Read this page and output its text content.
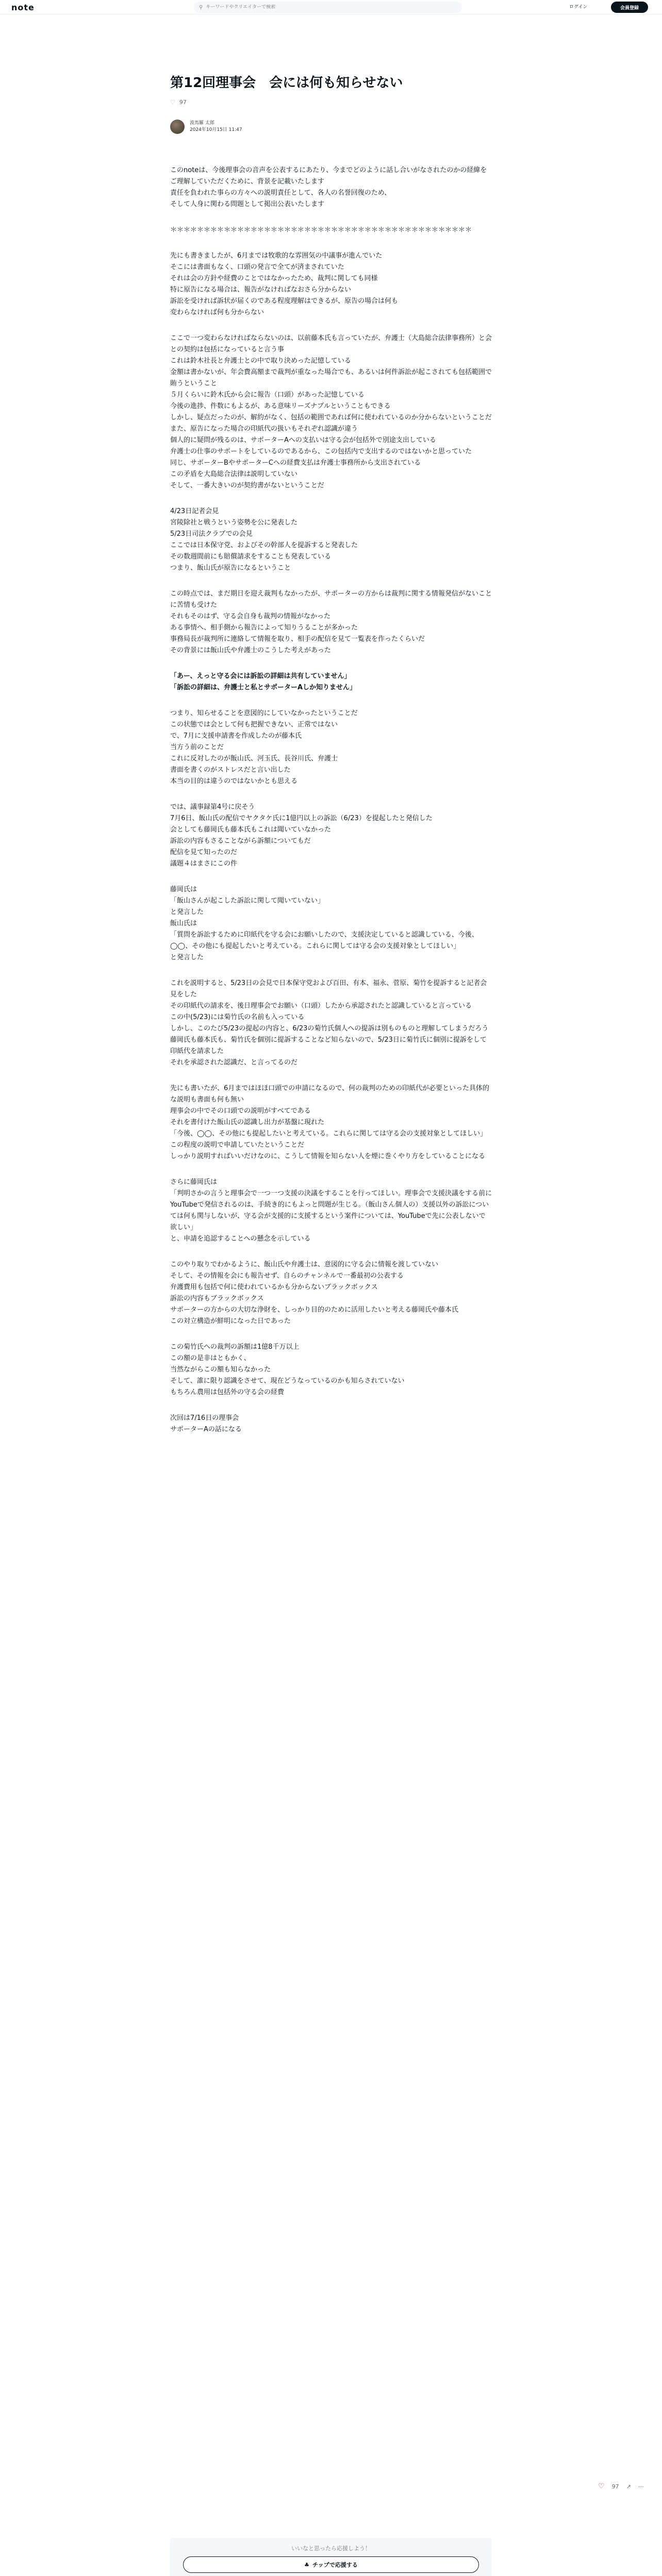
note	⚲
キーワードやクリエイターで検索	ログイン	会員登録
第12回理事会　会には何も知らせない
♡ 97
波馬羅 太郎
2024年10月15日 11:47

このnoteは、今後理事会の音声を公表するにあたり、今までどのように話し合いがなされたのかの経緯をご理解していただくために、背景を記載いたします

責任を負われた事らの方々への説明責任として、各人の名誉回復のため、

そして人身に関わる問題として掲出公表いたします

＊＊＊＊＊＊＊＊＊＊＊＊＊＊＊＊＊＊＊＊＊＊＊＊＊＊＊＊＊＊＊＊＊＊＊＊＊＊＊＊＊＊＊＊＊

先にも書きましたが、6月までは牧歌的な雰囲気の中議事が進んでいた

そこには書面もなく、口頭の発言で全てが済まされていた

それは会の方針や経費のことではなかったため、裁判に関しても同様

特に原告になる場合は、報告がなければなおさら分からない

訴訟を受ければ訴状が届くのである程度理解はできるが、原告の場合は何も

変わらなければ何も分からない

ここで一つ変わらなければならないのは、以前藤本氏も言っていたが、弁護士（大島総合法律事務所）と会との契約は包括になっていると言う事

これは鈴木社長と弁護士との中で取り決めった記憶している

金額は書かないが、年会費高額まで裁判が重なった場合でも、あるいは何件訴訟が起こされても包括範囲で賄うということ

５月くらいに鈴木氏から会に報告（口頭）があった記憶している

今後の進捗、件数にもよるが、ある意味リーズナブルということもできる

しかし、疑点だったのが、解約がなく、包括の範囲であれば何に使われているのか分からないということだ

また、原告になった場合の印紙代の扱いもそれぞれ認識が違う

個人的に疑問が残るのは、サポーターAへの支払いは守る会が包括外で別途支出している

弁護士の仕事のサポートをしているのであるから、この包括内で支出するのではないかと思っていた

同じ、サポーターBやサポーターCへの経費支払は弁護士事務所から支出されている

この矛盾を大島総合法律は説明していない

そして、一番大きいのが契約書がないということだ

4/23日記者会見

宮陵除社と戦うという姿勢を公に発表した

5/23日司法クラブでの会見

ここでは日本保守党、およびその幹部人を提訴すると発表した

その数週間前にも賠償請求をすることも発表している

つまり、飯山氏が原告になるということ

この時点では、まだ期日を迎え裁判もなかったが、サポーターの方からは裁判に関する情報発信がないことに苦情も受けた

それもそのはず、守る会自身も裁判の情報がなかった

ある事情へ、相手側から報告によって知りうることが多かった

事務局長が裁判所に連絡して情報を取り、相手の配信を見て一覧表を作ったくらいだ

その背景には飯山氏や弁護士のこうした考えがあった

「あー、えっと守る会には訴訟の詳細は共有していません」

「訴訟の詳細は、弁護士と私とサポーターAしか知りません」

つまり、知らせることを意図的にしていなかったということだ

この状態では会として何も把握できない、正常ではない

で、7月に支援申請書を作成したのが藤本氏

当方う前のことだ

これに反対したのが飯山氏、河玉氏、長谷川氏、弁護士

書面を書くのがストレスだと言い出した

本当の目的は違うのではないかとも思える

では、議事録第4号に戻そう

7月6日、飯山氏の配信でヤクタケ氏に1億円以上の訴訟（6/23）を提起したと発信した

会としても藤岡氏も藤本氏もこれは聞いていなかった

訴訟の内容もさることながら訴額についてもだ

配信を見て知ったのだ

議題４はまさにこの件

藤岡氏は

「飯山さんが起こした訴訟に関して聞いていない」

と発言した

飯山氏は

「質問を訴訟するために印紙代を守る会にお願いしたので、支援決定していると認識している、今後、◯◯、その他にも提起したいと考えている。これらに関しては守る会の支援対象としてほしい」

と発言した

これを説明すると、5/23日の会見で日本保守党および百田、有本、福永、菅原、菊竹を提訴すると記者会見をした

その印紙代の請求を、後日理事会でお願い（口頭）したから承認されたと認識していると言っている

この中(5/23)には菊竹氏の名前も入っている

しかし、このたび5/23の提起の内容と、6/23の菊竹氏個人への提訴は別ものものと理解してしまうだろう

藤岡氏も藤本氏も、菊竹氏を個別に提訴することなど知らないので、5/23日に菊竹氏に個別に提訴をして印紙代を請求した

それを承認された認識だ、と言ってるのだ

先にも書いたが、6月まではほほ口頭での申請になるので、何の裁判のための印紙代が必要といった具体的な説明も書面も何も無い

理事会の中でその口頭での説明がすべてである

それを書付けた飯山氏の認識し出力が基盤に現れた

「今後、◯◯、その他にも提起したいと考えている。これらに関しては守る会の支援対象としてほしい」

この程度の説明で申請していたということだ

しっかり説明すればいいだけなのに、こうして情報を知らない人を煙に巻くやり方をしていることになる

さらに藤岡氏は

「判明さかの言うと理事会で一つ一つ支援の決議をすることを行ってほしい。理事会で支援決議をする前にYouTubeで発信されるのは、手続き的にもよっと問題が生じる。（飯山さん個人の）支援以外の訴訟については何も関与しないが、守る会が支援的に支援するという案件については、YouTubeで先に公表しないで欲しい」

と、申請を追認することへの懸念を示している

このやり取りでわかるように、飯山氏や弁護士は、意図的に守る会に情報を渡していない

そして、その情報を会にも報告せず、自らのチャンネルで一番最初の公表する

弁護費用も包括で何に使われているかも分からないブラックボックス

訴訟の内容もブラックボックス

サポーターの方からの大切な浄財を、しっかり目的のために活用したいと考える藤岡氏や藤本氏

この対立構造が鮮明になった日であった

この菊竹氏への裁判の訴額は1億8千万以上

この額の是非はともかく、

当然ながらこの額も知らなかった

そして、誰に限り認識をさせて、現在どうなっているのかも知らされていない

もちろん農用は包括外の守る会の経費

次回は7/16日の理事会

サポーターAの話になる

♡ 97 ↗ ⋯
いいなと思ったら応援しよう！
♣ チップで応援する
